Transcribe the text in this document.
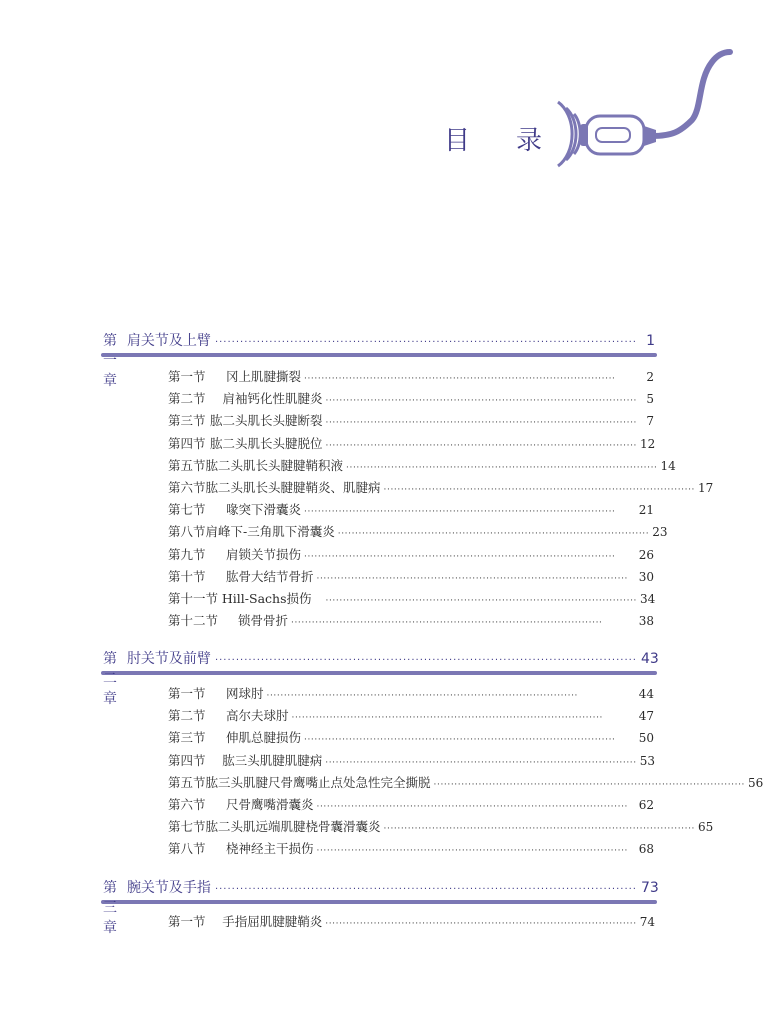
目 录
第一章
肩关节及上臂 ····································································································· 1
第一节	冈上肌腱撕裂 ··························································································	2
第二节	肩袖钙化性肌腱炎 ·························································································· 5
第三节 肱二头肌长头腱断裂 ·························································································· 7
第四节 肱二头肌长头腱脱位 ·························································································· 12
第五节 肱二头肌长头腱腱鞘积液 ·························································································· 14
第六节 肱二头肌长头腱腱鞘炎、肌腱病 ·························································································· 17
第七节	喙突下滑囊炎 ··························································································	21
第八节 肩峰下-三角肌下滑囊炎 ·························································································· 23
第九节	肩锁关节损伤 ··························································································	26
第十节	肱骨大结节骨折 ·························································································· 30
第十一节 Hill-Sachs损伤 ·························································································· 34
第十二节	锁骨骨折 ··························································································	38
第二章
肘关节及前臂 ····································································································· 43
第一节	网球肘 ··························································································	44
第二节	高尔夫球肘 ··························································································	47
第三节	伸肌总腱损伤 ··························································································	50
第四节	肱三头肌腱肌腱病 ·························································································· 53
第五节 肱三头肌腱尺骨鹰嘴止点处急性完全撕脱 ·························································································· 56
第六节	尺骨鹰嘴滑囊炎 ·························································································· 62
第七节 肱二头肌远端肌腱桡骨囊滑囊炎 ·························································································· 65
第八节	桡神经主干损伤 ·························································································· 68
第三章
腕关节及手指 ····································································································· 73
第一节	手指屈肌腱腱鞘炎 ·························································································· 74
